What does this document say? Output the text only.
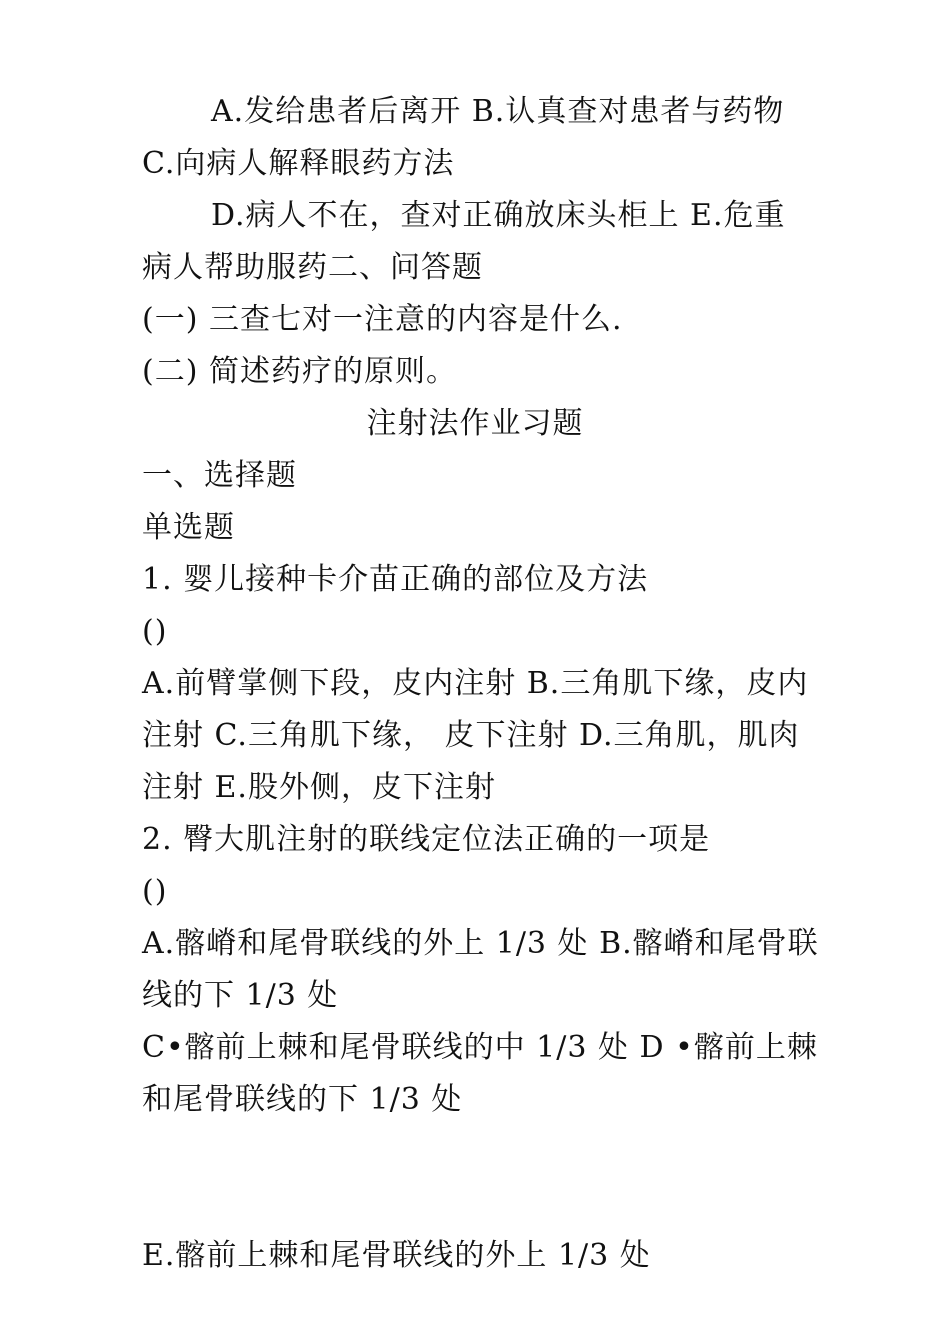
A.发给患者后离开 B.认真查对患者与药物
C.向病人解释眼药方法
D.病人不在，查对正确放床头柜上 E.危重
病人帮助服药二、问答题
(一) 三查七对一注意的内容是什么.
(二) 简述药疗的原则。
注射法作业习题
一、选择题
单选题
1. 婴儿接种卡介苗正确的部位及方法
()
A.前臂掌侧下段，皮内注射 B.三角肌下缘，皮内
注射 C.三角肌下缘， 皮下注射 D.三角肌，肌肉
注射 E.股外侧，皮下注射
2. 臀大肌注射的联线定位法正确的一项是
()
A.髂嵴和尾骨联线的外上 1/3 处 B.髂嵴和尾骨联
线的下 1/3 处
C•髂前上棘和尾骨联线的中 1/3 处 D •髂前上棘
和尾骨联线的下 1/3 处
E.髂前上棘和尾骨联线的外上 1/3 处
